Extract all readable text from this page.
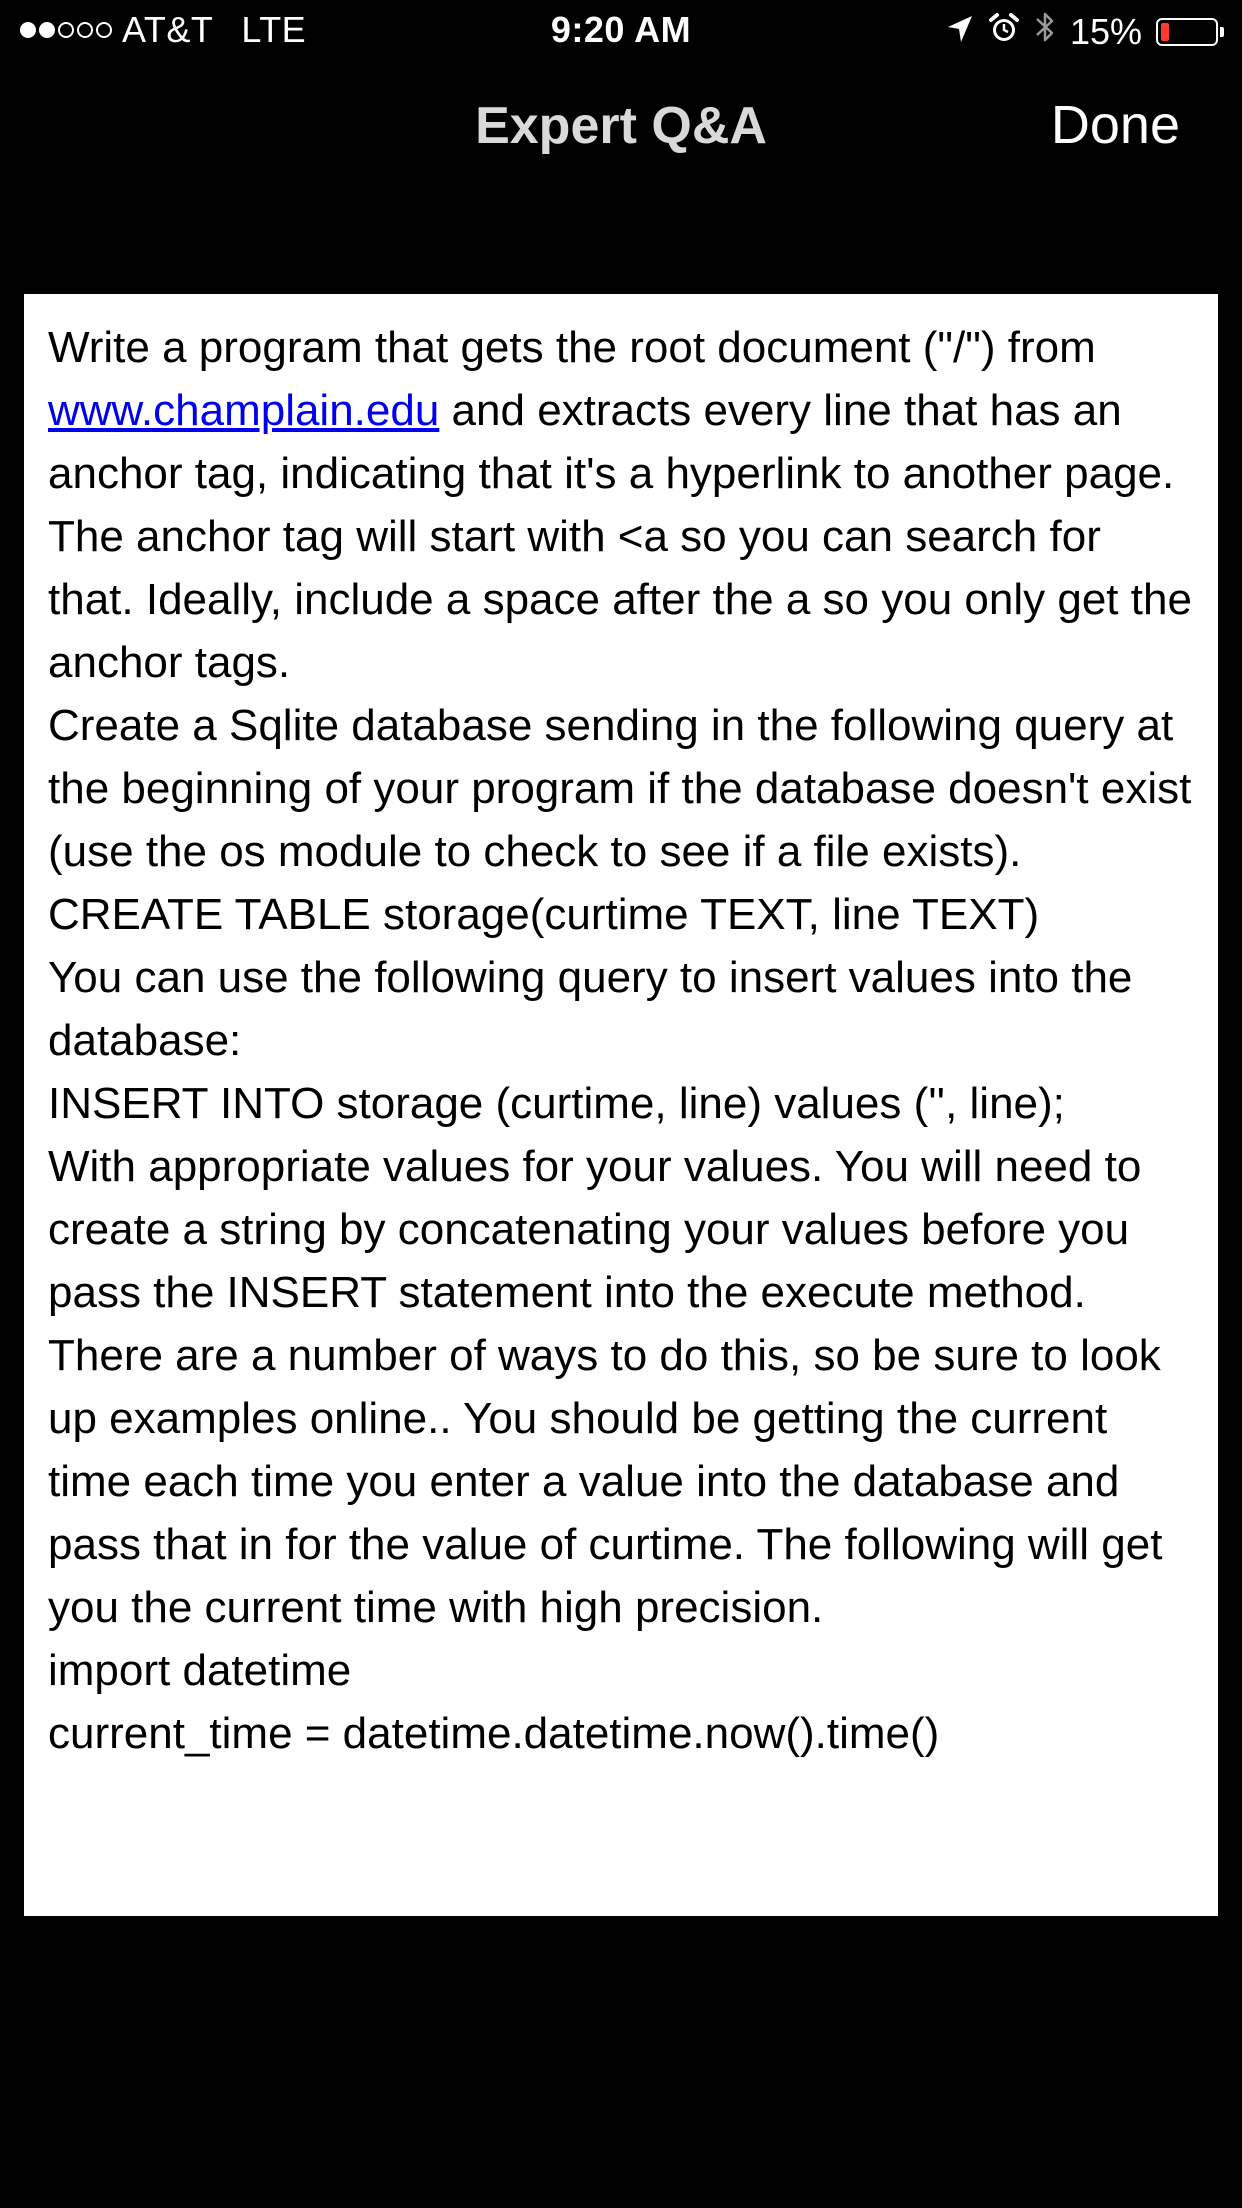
AT&T LTE	9:20 AM	15%
Expert Q&A	Done

Write a program that gets the root document ("/") from www.champlain.edu and extracts every line that has an anchor tag, indicating that it's a hyperlink to another page. The anchor tag will start with <a so you can search for that. Ideally, include a space after the a so you only get the anchor tags.

Create a Sqlite database sending in the following query at the beginning of your program if the database doesn't exist (use the os module to check to see if a file exists).

CREATE TABLE storage(curtime TEXT, line TEXT)

You can use the following query to insert values into the database:

INSERT INTO storage (curtime, line) values ('', line);

With appropriate values for your values. You will need to create a string by concatenating your values before you pass the INSERT statement into the execute method. There are a number of ways to do this, so be sure to look up examples online.. You should be getting the current time each time you enter a value into the database and pass that in for the value of curtime. The following will get you the current time with high precision.

import datetime

current_time = datetime.datetime.now().time()
